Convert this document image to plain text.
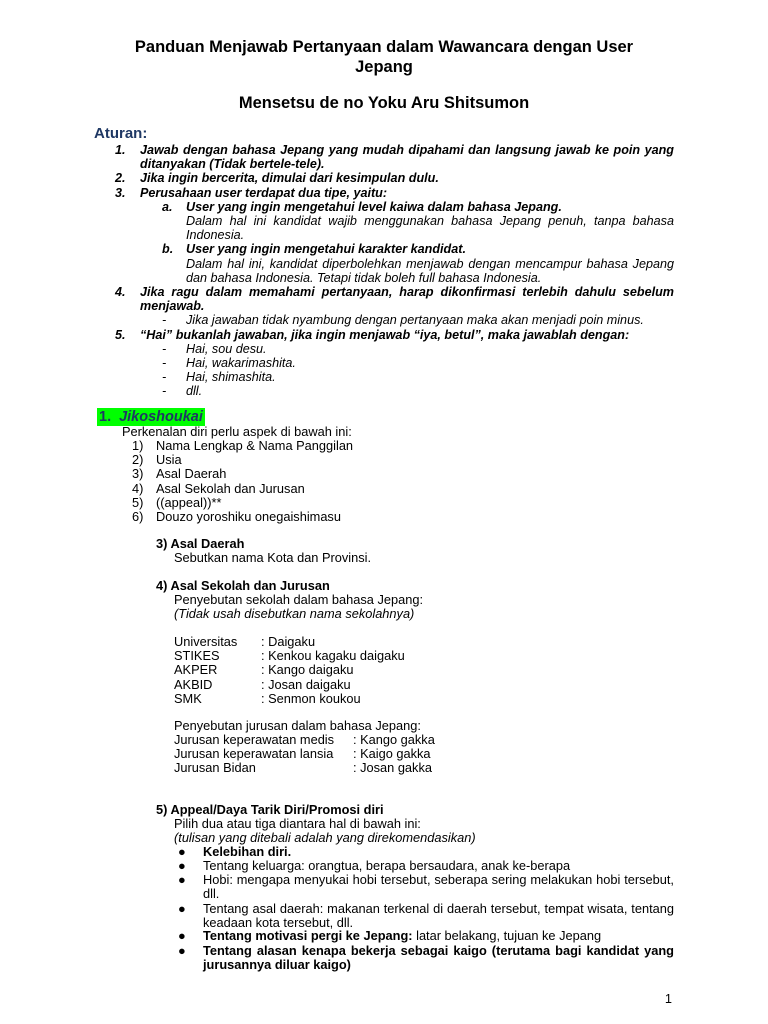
Panduan Menjawab Pertanyaan dalam Wawancara dengan User
Jepang
Mensetsu de no Yoku Aru Shitsumon
Aturan:
1. Jawab dengan bahasa Jepang yang mudah dipahami dan langsung jawab ke poin yang ditanyakan (Tidak bertele-tele).
2. Jika ingin bercerita, dimulai dari kesimpulan dulu.
3. Perusahaan user terdapat dua tipe, yaitu:
a. User yang ingin mengetahui level kaiwa dalam bahasa Jepang.
Dalam hal ini kandidat wajib menggunakan bahasa Jepang penuh, tanpa bahasa Indonesia.
b. User yang ingin mengetahui karakter kandidat.
Dalam hal ini, kandidat diperbolehkan menjawab dengan mencampur bahasa Jepang dan bahasa Indonesia. Tetapi tidak boleh full bahasa Indonesia.
4. Jika ragu dalam memahami pertanyaan, harap dikonfirmasi terlebih dahulu sebelum menjawab.
- Jika jawaban tidak nyambung dengan pertanyaan maka akan menjadi poin minus.
5. “Hai” bukanlah jawaban, jika ingin menjawab “iya, betul”, maka jawablah dengan:
- Hai, sou desu.
- Hai, wakarimashita.
- Hai, shimashita.
- dll.
1. Jikoshoukai
Perkenalan diri perlu aspek di bawah ini:
1) Nama Lengkap & Nama Panggilan
2) Usia
3) Asal Daerah
4) Asal Sekolah dan Jurusan
5) ((appeal))**
6) Douzo yoroshiku onegaishimasu
3) Asal Daerah
Sebutkan nama Kota dan Provinsi.
4) Asal Sekolah dan Jurusan
Penyebutan sekolah dalam bahasa Jepang:
(Tidak usah disebutkan nama sekolahnya)
Universitas : Daigaku
STIKES	: Kenkou kagaku daigaku
AKPER	: Kango daigaku
AKBID	: Josan daigaku
SMK	: Senmon koukou
Penyebutan jurusan dalam bahasa Jepang:
Jurusan keperawatan medis : Kango gakka
Jurusan keperawatan lansia : Kaigo gakka
Jurusan Bidan	: Josan gakka
5) Appeal/Daya Tarik Diri/Promosi diri
Pilih dua atau tiga diantara hal di bawah ini:
(tulisan yang ditebali adalah yang direkomendasikan)
● Kelebihan diri.
● Tentang keluarga: orangtua, berapa bersaudara, anak ke-berapa
● Hobi: mengapa menyukai hobi tersebut, seberapa sering melakukan hobi tersebut, dll.
● Tentang asal daerah: makanan terkenal di daerah tersebut, tempat wisata, tentang keadaan kota tersebut, dll.
● Tentang motivasi pergi ke Jepang: latar belakang, tujuan ke Jepang
● Tentang alasan kenapa bekerja sebagai kaigo (terutama bagi kandidat yang jurusannya diluar kaigo)
1
